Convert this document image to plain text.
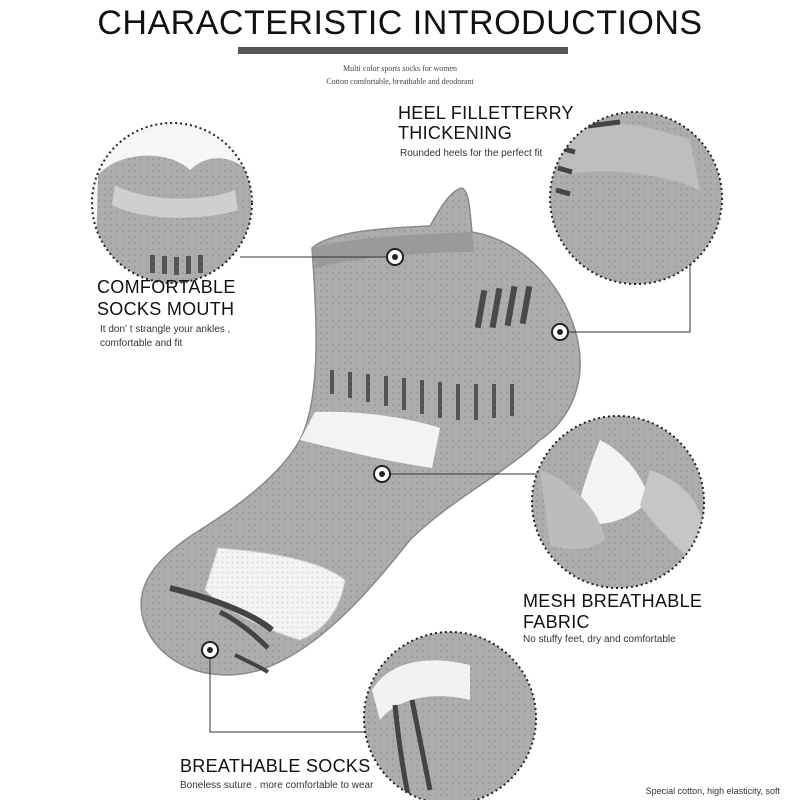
CHARACTERISTIC INTRODUCTIONS
Multi color sports socks for women
Cotton comfortable, breathable and deodorant
HEEL FILLETTERRY
THICKENING
Rounded heels for the perfect fit
COMFORTABLE
SOCKS MOUTH
It don' t strangle your ankles ,
comfortable and fit
MESH BREATHABLE
FABRIC
No stuffy feet, dry and comfortable
BREATHABLE SOCKS
Boneless suture . more comfortable to wear	Special cotton, high elasticity, soft
